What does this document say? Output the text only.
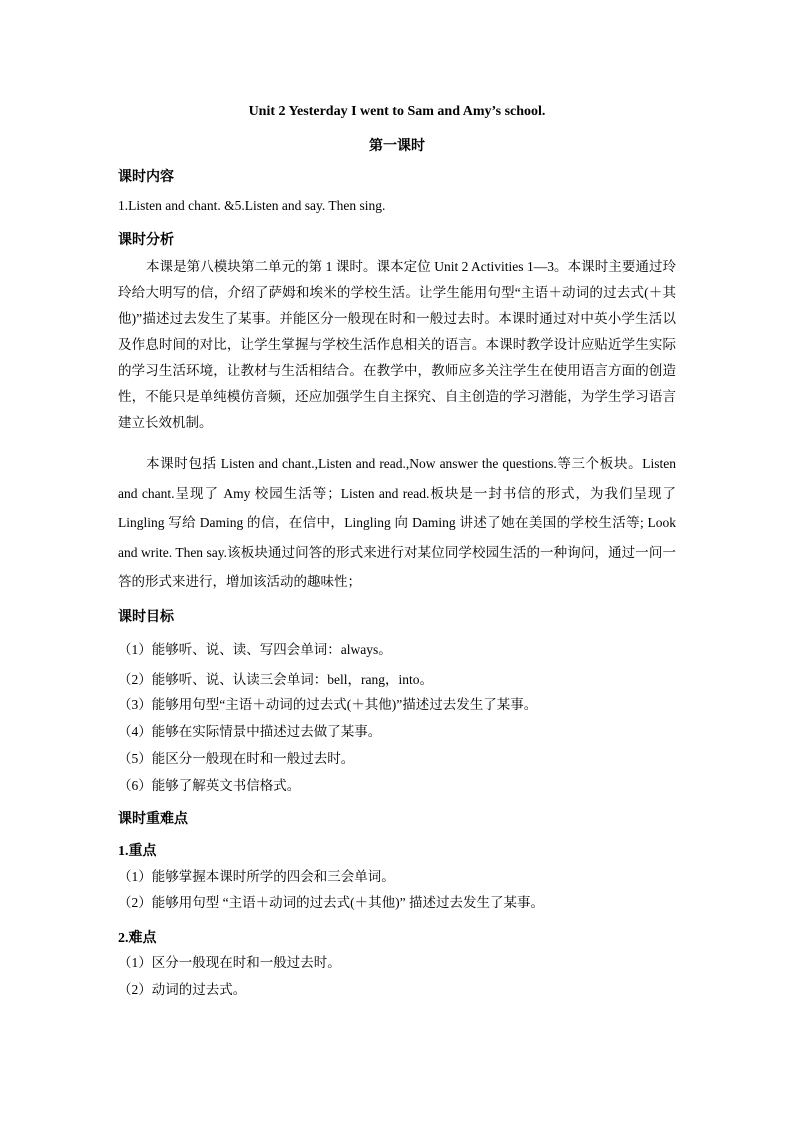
Unit 2 Yesterday I went to Sam and Amy’s school.
第一课时
课时内容
1.Listen and chant. &5.Listen and say. Then sing.
课时分析
本课是第八模块第二单元的第 1 课时。课本定位 Unit 2 Activities 1—3。本课时主要通过玲玲给大明写的信，介绍了萨姆和埃米的学校生活。让学生能用句型“主语＋动词的过去式(＋其他)”描述过去发生了某事。并能区分一般现在时和一般过去时。本课时通过对中英小学生活以及作息时间的对比，让学生掌握与学校生活作息相关的语言。本课时教学设计应贴近学生实际的学习生活环境，让教材与生活相结合。在教学中，教师应多关注学生在使用语言方面的创造性，不能只是单纯模仿音频，还应加强学生自主探究、自主创造的学习潜能，为学生学习语言建立长效机制。
本课时包括 Listen and chant.,Listen and read.,Now answer the questions.等三个板块。Listen and chant.呈现了 Amy 校园生活等；Listen and read.板块是一封书信的形式，为我们呈现了 Lingling 写给 Daming 的信，在信中，Lingling 向 Daming 讲述了她在美国的学校生活等; Look and write. Then say.该板块通过问答的形式来进行对某位同学校园生活的一种询问，通过一问一答的形式来进行，增加该活动的趣味性；
课时目标
（1）能够听、说、读、写四会单词：always。
（2）能够听、说、认读三会单词：bell，rang，into。
（3）能够用句型“主语＋动词的过去式(＋其他)”描述过去发生了某事。
（4）能够在实际情景中描述过去做了某事。
（5）能区分一般现在时和一般过去时。
（6）能够了解英文书信格式。
课时重难点
1.重点
（1）能够掌握本课时所学的四会和三会单词。
（2）能够用句型 “主语＋动词的过去式(＋其他)” 描述过去发生了某事。
2.难点
（1）区分一般现在时和一般过去时。
（2）动词的过去式。
